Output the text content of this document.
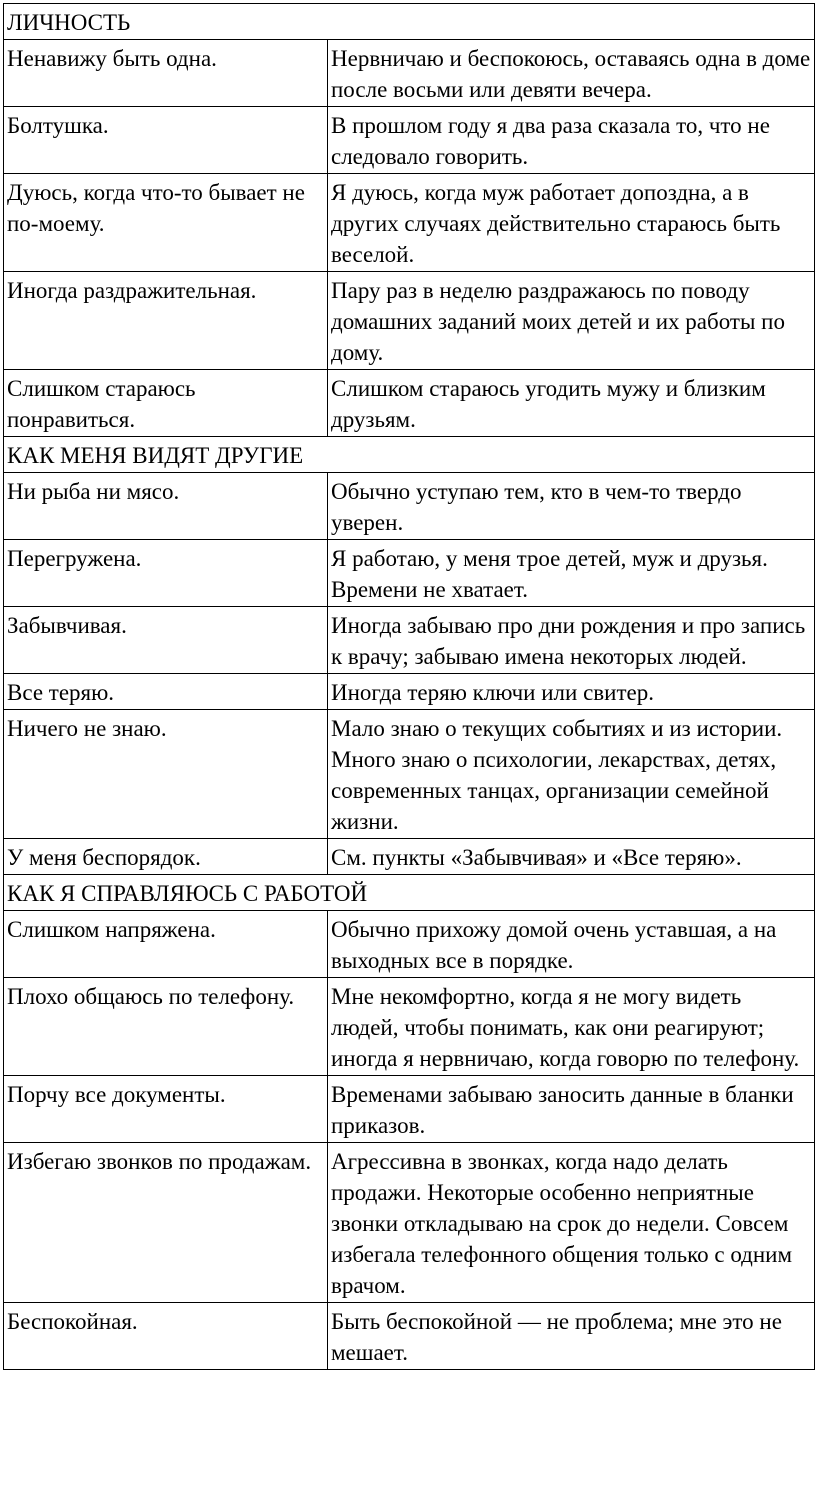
ЛИЧНОСТЬ	
Ненавижу быть одна.	Нервничаю и беспокоюсь, оставаясь одна в доме после восьми или девяти вечера.
Болтушка.	В прошлом году я два раза сказала то, что не следовало говорить.
Дуюсь, когда что-то бывает не по-моему.	Я дуюсь, когда муж работает допоздна, а в других случаях действительно стараюсь быть веселой.
Иногда раздражительная.	Пару раз в неделю раздражаюсь по поводу домашних заданий моих детей и их работы по дому.
Слишком стараюсь понравиться.	Слишком стараюсь угодить мужу и близким друзьям.
КАК МЕНЯ ВИДЯТ ДРУГИЕ	
Ни рыба ни мясо.	Обычно уступаю тем, кто в чем-то твердо уверен.
Перегружена.	Я работаю, у меня трое детей, муж и друзья. Времени не хватает.
Забывчивая.	Иногда забываю про дни рождения и про запись к врачу; забываю имена некоторых людей.
Все теряю.	Иногда теряю ключи или свитер.
Ничего не знаю.	Мало знаю о текущих событиях и из истории. Много знаю о психологии, лекарствах, детях, современных танцах, организации семейной жизни.
У меня беспорядок.	См. пункты «Забывчивая» и «Все теряю».
КАК Я СПРАВЛЯЮСЬ С РАБОТОЙ	
Слишком напряжена.	Обычно прихожу домой очень уставшая, а на выходных все в порядке.
Плохо общаюсь по телефону.	Мне некомфортно, когда я не могу видеть людей, чтобы понимать, как они реагируют; иногда я нервничаю, когда говорю по телефону.
Порчу все документы.	Временами забываю заносить данные в бланки приказов.
Избегаю звонков по продажам.	Агрессивна в звонках, когда надо делать продажи. Некоторые особенно неприятные звонки откладываю на срок до недели. Совсем избегала телефонного общения только с одним врачом.
Беспокойная.	Быть беспокойной — не проблема; мне это не мешает.
